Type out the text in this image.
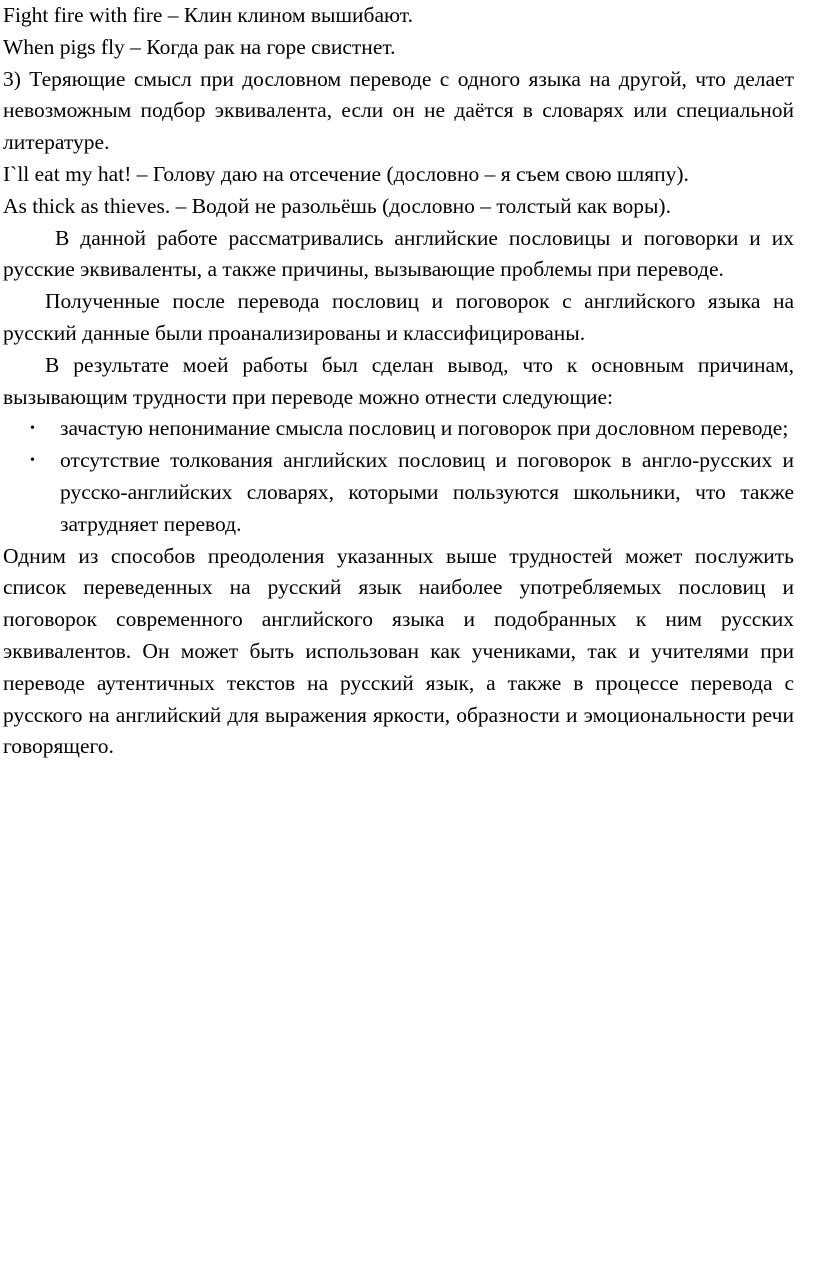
Fight fire with fire – Клин клином вышибают.

When pigs fly – Когда рак на горе свистнет.

3) Теряющие смысл при дословном переводе с одного языка на другой, что делает невозможным подбор эквивалента, если он не даётся в словарях или специальной литературе.

I`ll eat my hat! – Голову даю на отсечение (дословно – я съем свою шляпу).

As thick as thieves. – Водой не разольёшь (дословно – толстый как воры).

В данной работе рассматривались английские пословицы и поговорки и их русские эквиваленты, а также причины, вызывающие проблемы при переводе.

Полученные после перевода пословиц и поговорок с английского языка на русский данные были проанализированы и классифицированы.

В результате моей работы был сделан вывод, что к основным причинам, вызывающим трудности при переводе можно отнести следующие:

• зачастую непонимание смысла пословиц и поговорок при дословном переводе;
• отсутствие толкования английских пословиц и поговорок в англо-русских и русско-английских словарях, которыми пользуются школьники, что также затрудняет перевод.

Одним из способов преодоления указанных выше трудностей может послужить список переведенных на русский язык наиболее употребляемых пословиц и поговорок современного английского языка и подобранных к ним русских эквивалентов. Он может быть использован как учениками, так и учителями при переводе аутентичных текстов на русский язык, а также в процессе перевода с русского на английский для выражения яркости, образности и эмоциональности речи говорящего.
